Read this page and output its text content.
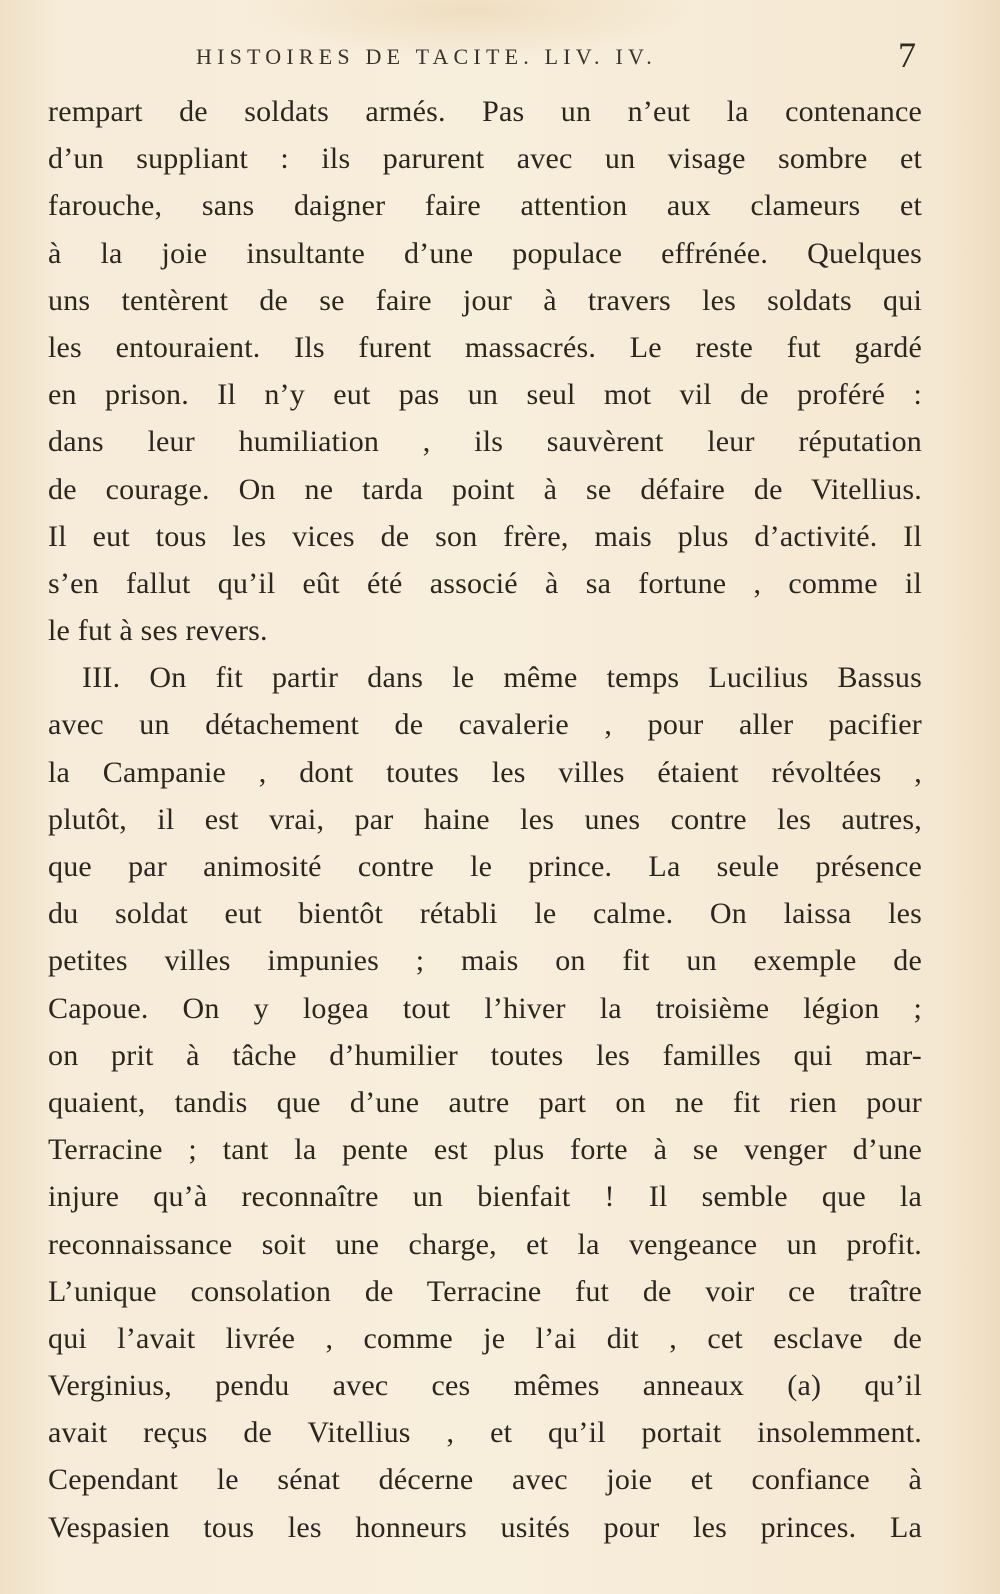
HISTOIRES DE TACITE. LIV. IV.	7
rempart de soldats armés. Pas un n’eut la contenance
d’un suppliant : ils parurent avec un visage sombre et
farouche, sans daigner faire attention aux clameurs et
à la joie insultante d’une populace effrénée. Quelques
uns tentèrent de se faire jour à travers les soldats qui
les entouraient. Ils furent massacrés. Le reste fut gardé
en prison. Il n’y eut pas un seul mot vil de proféré :
dans leur humiliation , ils sauvèrent leur réputation
de courage. On ne tarda point à se défaire de Vitellius.
Il eut tous les vices de son frère, mais plus d’activité. Il
s’en fallut qu’il eût été associé à sa fortune , comme il
le fut à ses revers.
III. On fit partir dans le même temps Lucilius Bassus
avec un détachement de cavalerie , pour aller pacifier
la Campanie , dont toutes les villes étaient révoltées ,
plutôt, il est vrai, par haine les unes contre les autres,
que par animosité contre le prince. La seule présence
du soldat eut bientôt rétabli le calme. On laissa les
petites villes impunies ; mais on fit un exemple de
Capoue. On y logea tout l’hiver la troisième légion ;
on prit à tâche d’humilier toutes les familles qui mar-
quaient, tandis que d’une autre part on ne fit rien pour
Terracine ; tant la pente est plus forte à se venger d’une
injure qu’à reconnaître un bienfait ! Il semble que la
reconnaissance soit une charge, et la vengeance un profit.
L’unique consolation de Terracine fut de voir ce traître
qui l’avait livrée , comme je l’ai dit , cet esclave de
Verginius, pendu avec ces mêmes anneaux (a) qu’il
avait reçus de Vitellius , et qu’il portait insolemment.
Cependant le sénat décerne avec joie et confiance à
Vespasien tous les honneurs usités pour les princes. La
